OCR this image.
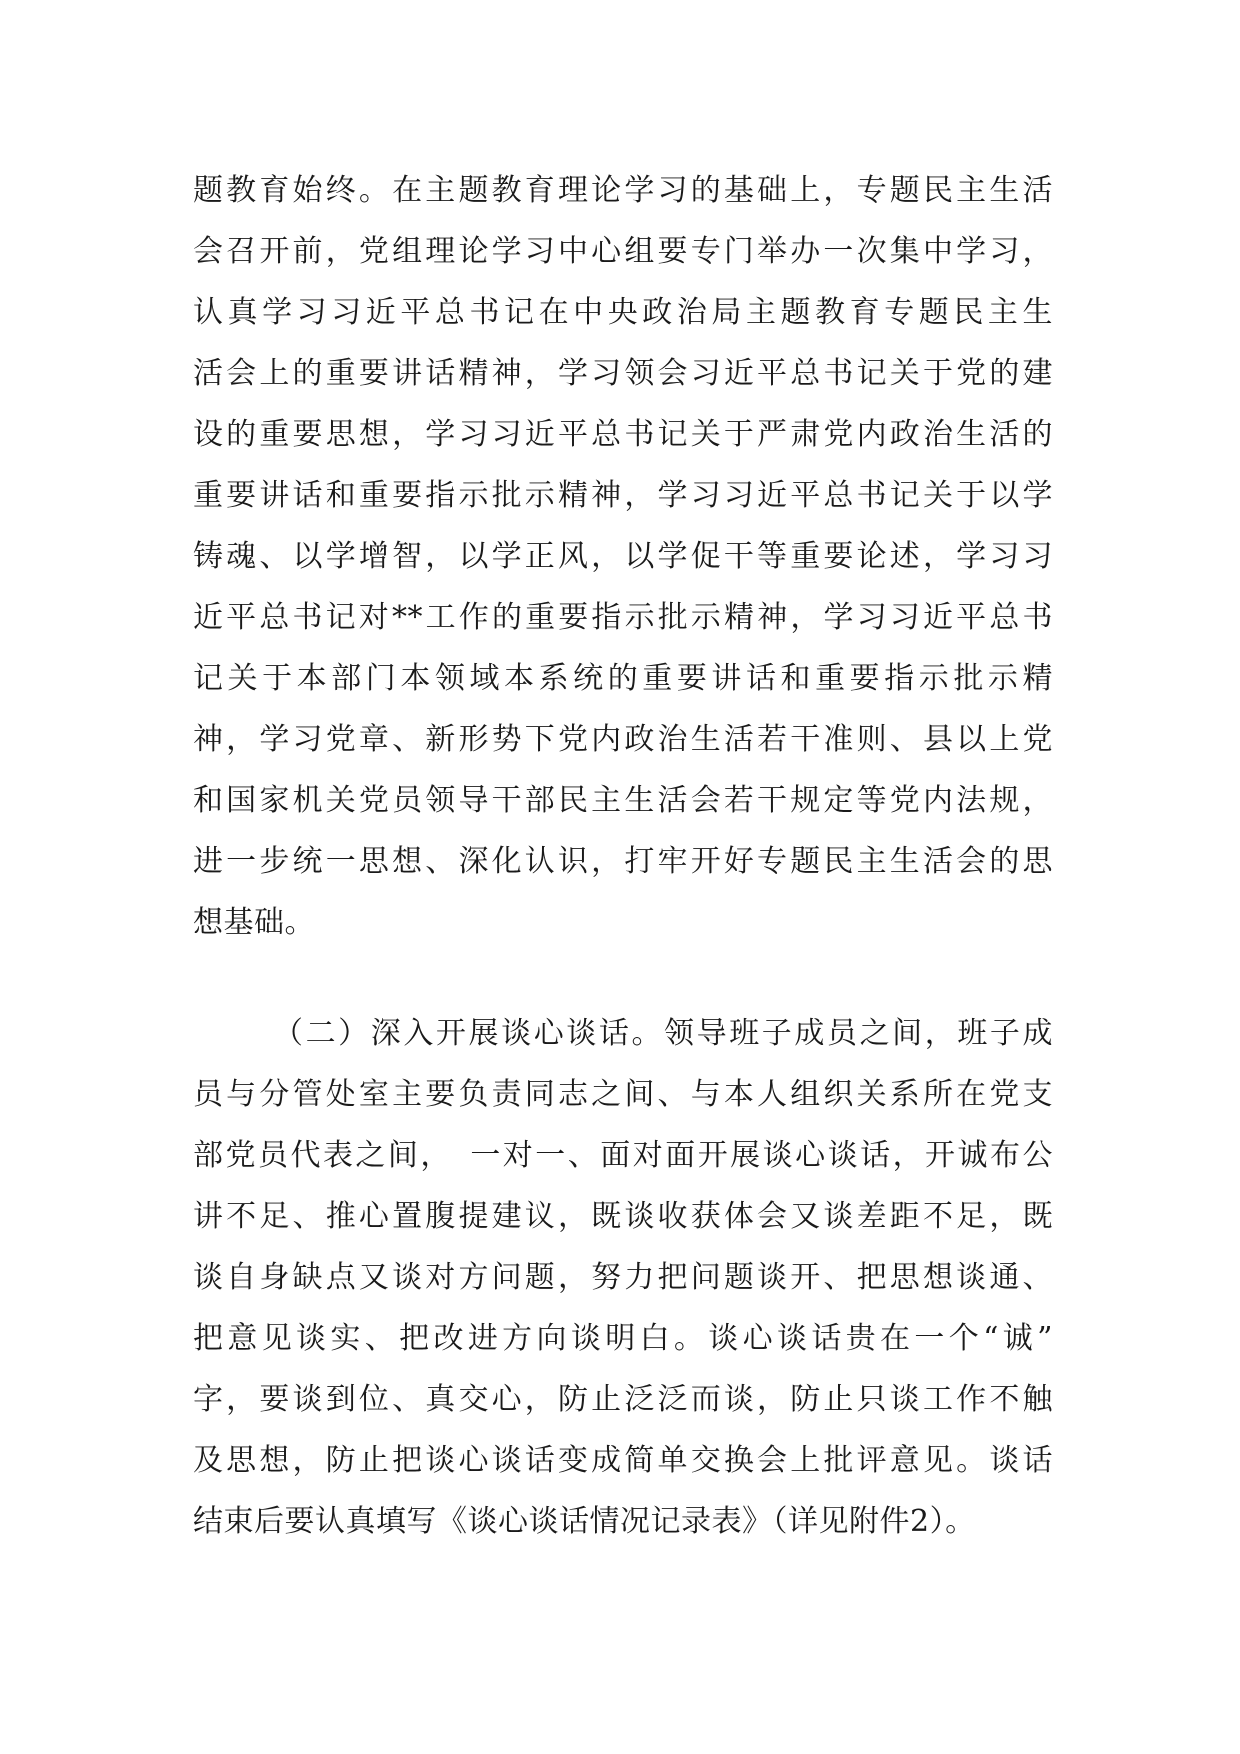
题教育始终。在主题教育理论学习的基础上，专题民主生活
会召开前，党组理论学习中心组要专门举办一次集中学习，
认真学习习近平总书记在中央政治局主题教育专题民主生
活会上的重要讲话精神，学习领会习近平总书记关于党的建
设的重要思想，学习习近平总书记关于严肃党内政治生活的
重要讲话和重要指示批示精神，学习习近平总书记关于以学
铸魂、以学增智，以学正风，以学促干等重要论述，学习习
近平总书记对**工作的重要指示批示精神，学习习近平总书
记关于本部门本领域本系统的重要讲话和重要指示批示精
神，学习党章、新形势下党内政治生活若干准则、县以上党
和国家机关党员领导干部民主生活会若干规定等党内法规，
进一步统一思想、深化认识，打牢开好专题民主生活会的思
想基础。
（二）深入开展谈心谈话。领导班子成员之间，班子成
员与分管处室主要负责同志之间、与本人组织关系所在党支
部党员代表之间，　一对一、面对面开展谈心谈话，开诚布公
讲不足、推心置腹提建议，既谈收获体会又谈差距不足，既
谈自身缺点又谈对方问题，努力把问题谈开、把思想谈通、
把意见谈实、把改进方向谈明白。谈心谈话贵在一个“诚”
字，要谈到位、真交心，防止泛泛而谈，防止只谈工作不触
及思想，防止把谈心谈话变成简单交换会上批评意见。谈话
结束后要认真填写《谈心谈话情况记录表》（详见附件2）。
